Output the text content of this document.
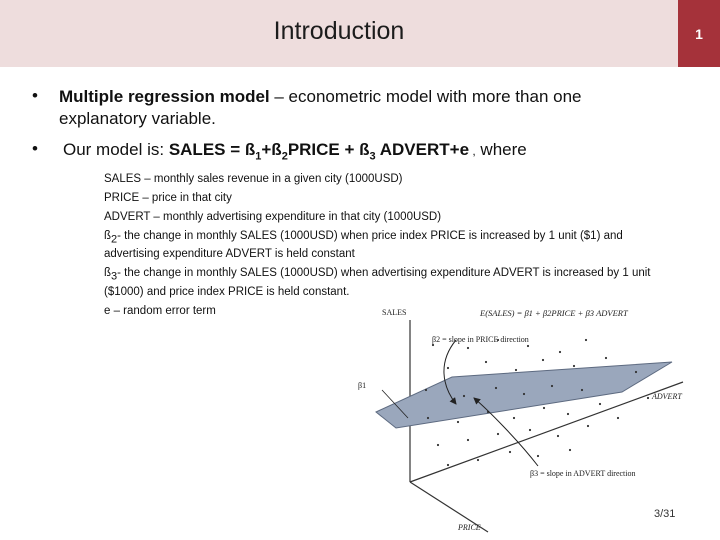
Introduction	1
• Multiple regression model – econometric model with more than one explanatory variable.
• Our model is: SALES = $ß_1+ß_2PRICE$ + $ß_3$ ADVERT+e , where
SALES – monthly sales revenue in a given city (1000USD)
PRICE – price in that city
ADVERT – monthly advertising expenditure in that city (1000USD)
$ß_2-$ the change in monthly SALES (1000USD) when price index PRICE is increased by 1 unit ($1) and advertising expenditure ADVERT is held constant
$ß_3-$ the change in monthly SALES (1000USD) when advertising expenditure ADVERT is increased by 1 unit ($1000) and price index PRICE is held constant.
e – random error term	SALES	E(SALES) = β1 + β2PRICE + β3 ADVERT
β2 = slope in PRICE direction
β1
ADVERT
β3 = slope in ADVERT direction
PRICE
3/31
